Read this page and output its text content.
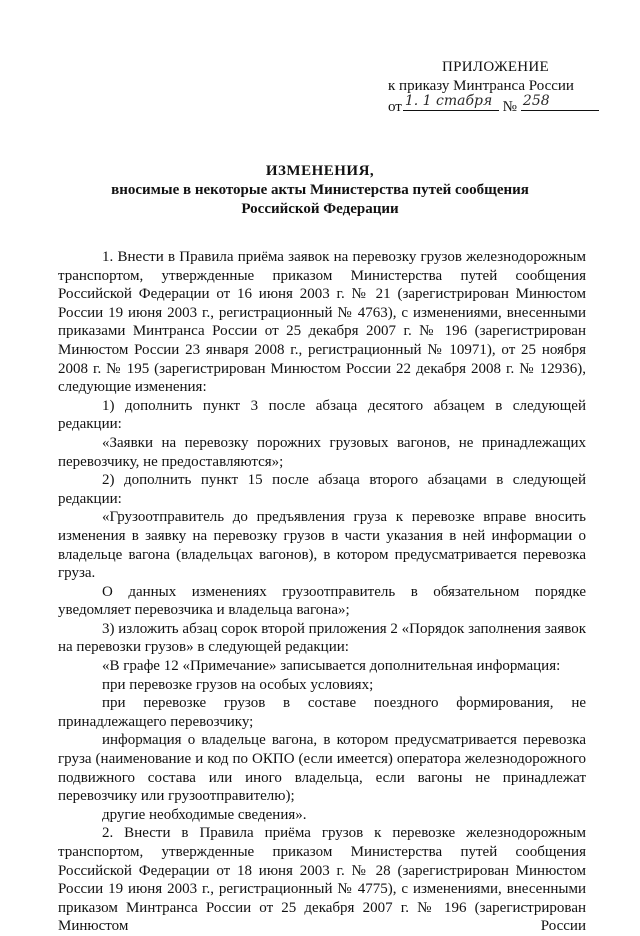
ПРИЛОЖЕНИЕ
к приказу Минтранса России
от 1. 1 стабря № 258
ИЗМЕНЕНИЯ,
вносимые в некоторые акты Министерства путей сообщения
Российской Федерации

1. Внести в Правила приёма заявок на перевозку грузов железнодорожным транспортом, утвержденные приказом Министерства путей сообщения Российской Федерации от 16 июня 2003 г. № 21 (зарегистрирован Минюстом России 19 июня 2003 г., регистрационный № 4763), с изменениями, внесенными приказами Минтранса России от 25 декабря 2007 г. № 196 (зарегистрирован Минюстом России 23 января 2008 г., регистрационный № 10971), от 25 ноября 2008 г. № 195 (зарегистрирован Минюстом России 22 декабря 2008 г. № 12936), следующие изменения:

1) дополнить пункт 3 после абзаца десятого абзацем в следующей редакции:

«Заявки на перевозку порожних грузовых вагонов, не принадлежащих перевозчику, не предоставляются»;

2) дополнить пункт 15 после абзаца второго абзацами в следующей редакции:

«Грузоотправитель до предъявления груза к перевозке вправе вносить изменения в заявку на перевозку грузов в части указания в ней информации о владельце вагона (владельцах вагонов), в котором предусматривается перевозка груза.

О данных изменениях грузоотправитель в обязательном порядке уведомляет перевозчика и владельца вагона»;

3) изложить абзац сорок второй приложения 2 «Порядок заполнения заявок на перевозки грузов» в следующей редакции:

«В графе 12 «Примечание» записывается дополнительная информация:

при перевозке грузов на особых условиях;

при перевозке грузов в составе поездного формирования, не принадлежащего перевозчику;

информация о владельце вагона, в котором предусматривается перевозка груза (наименование и код по ОКПО (если имеется) оператора железнодорожного подвижного состава или иного владельца, если вагоны не принадлежат перевозчику или грузоотправителю);

другие необходимые сведения».

2. Внести в Правила приёма грузов к перевозке железнодорожным транспортом, утвержденные приказом Министерства путей сообщения Российской Федерации от 18 июня 2003 г. № 28 (зарегистрирован Минюстом России 19 июня 2003 г., регистрационный № 4775), с изменениями, внесенными приказом Минтранса России от 25 декабря 2007 г. № 196 (зарегистрирован Минюстом России
